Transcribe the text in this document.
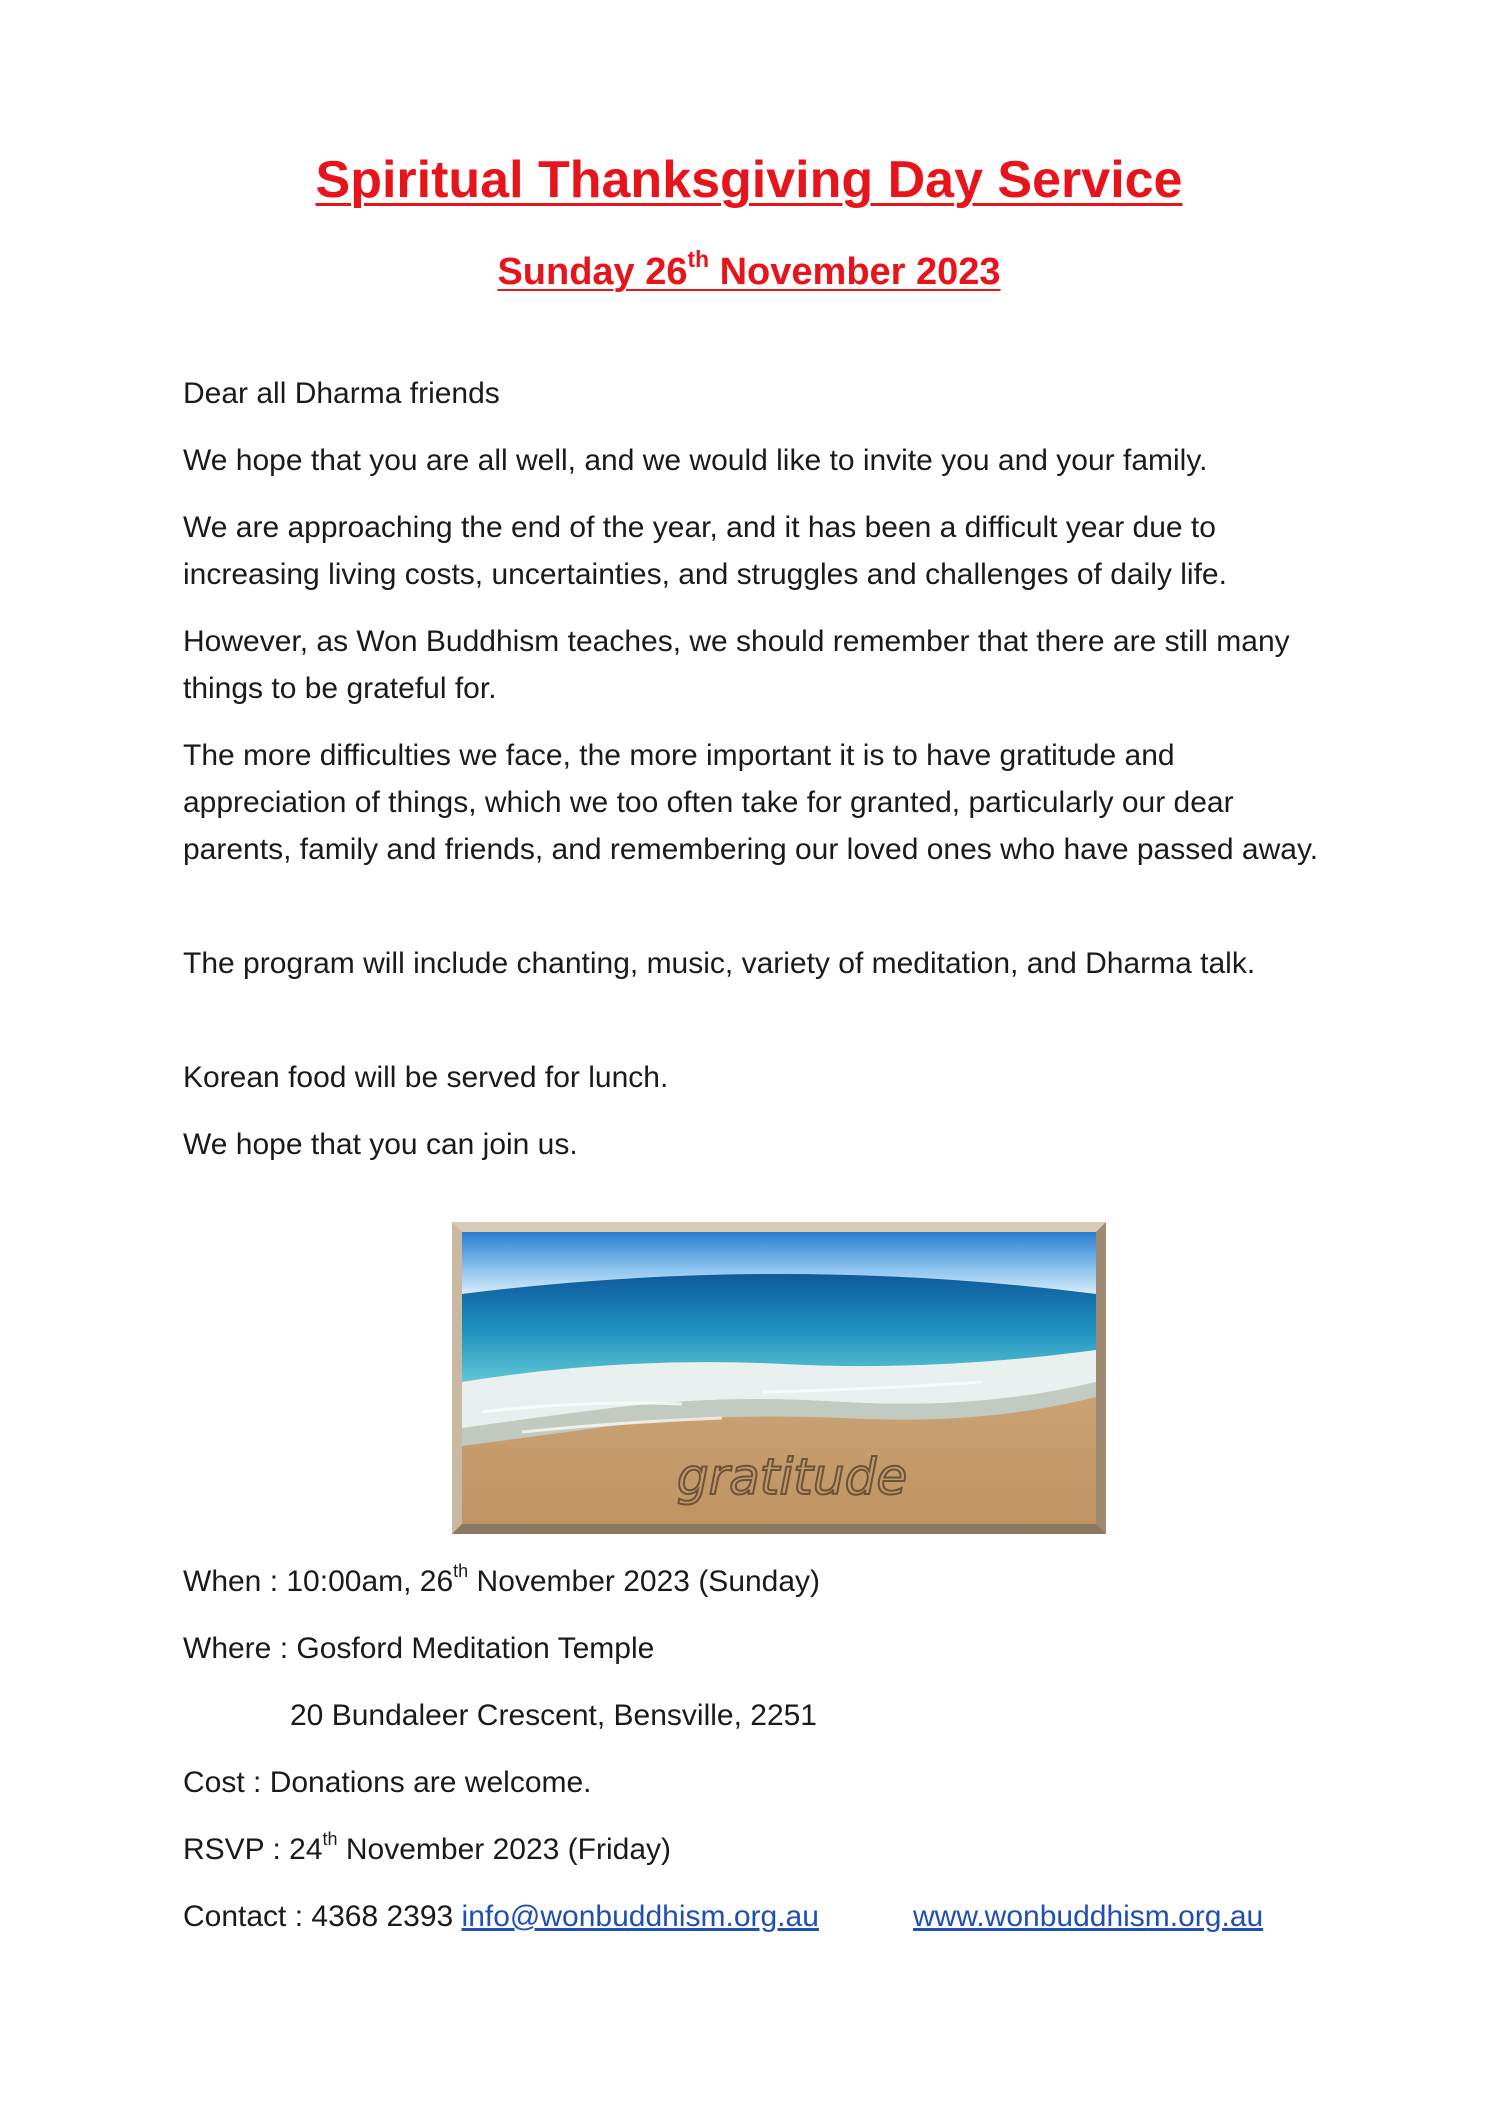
Spiritual Thanksgiving Day Service
Sunday 26th November 2023

Dear all Dharma friends

We hope that you are all well, and we would like to invite you and your family.

We are approaching the end of the year, and it has been a difficult year due to increasing living costs, uncertainties, and struggles and challenges of daily life.

However, as Won Buddhism teaches, we should remember that there are still many things to be grateful for.

The more difficulties we face, the more important it is to have gratitude and appreciation of things, which we too often take for granted, particularly our dear parents, family and friends, and remembering our loved ones who have passed away.

The program will include chanting, music, variety of meditation, and Dharma talk.

Korean food will be served for lunch.

We hope that you can join us.

gratitude
When : 10:00am, 26th November 2023 (Sunday)
Where : Gosford Meditation Temple
20 Bundaleer Crescent, Bensville, 2251
Cost : Donations are welcome.
RSVP : 24th November 2023 (Friday)
Contact : 4368 2393 info@wonbuddhism.org.au	www.wonbuddhism.org.au
